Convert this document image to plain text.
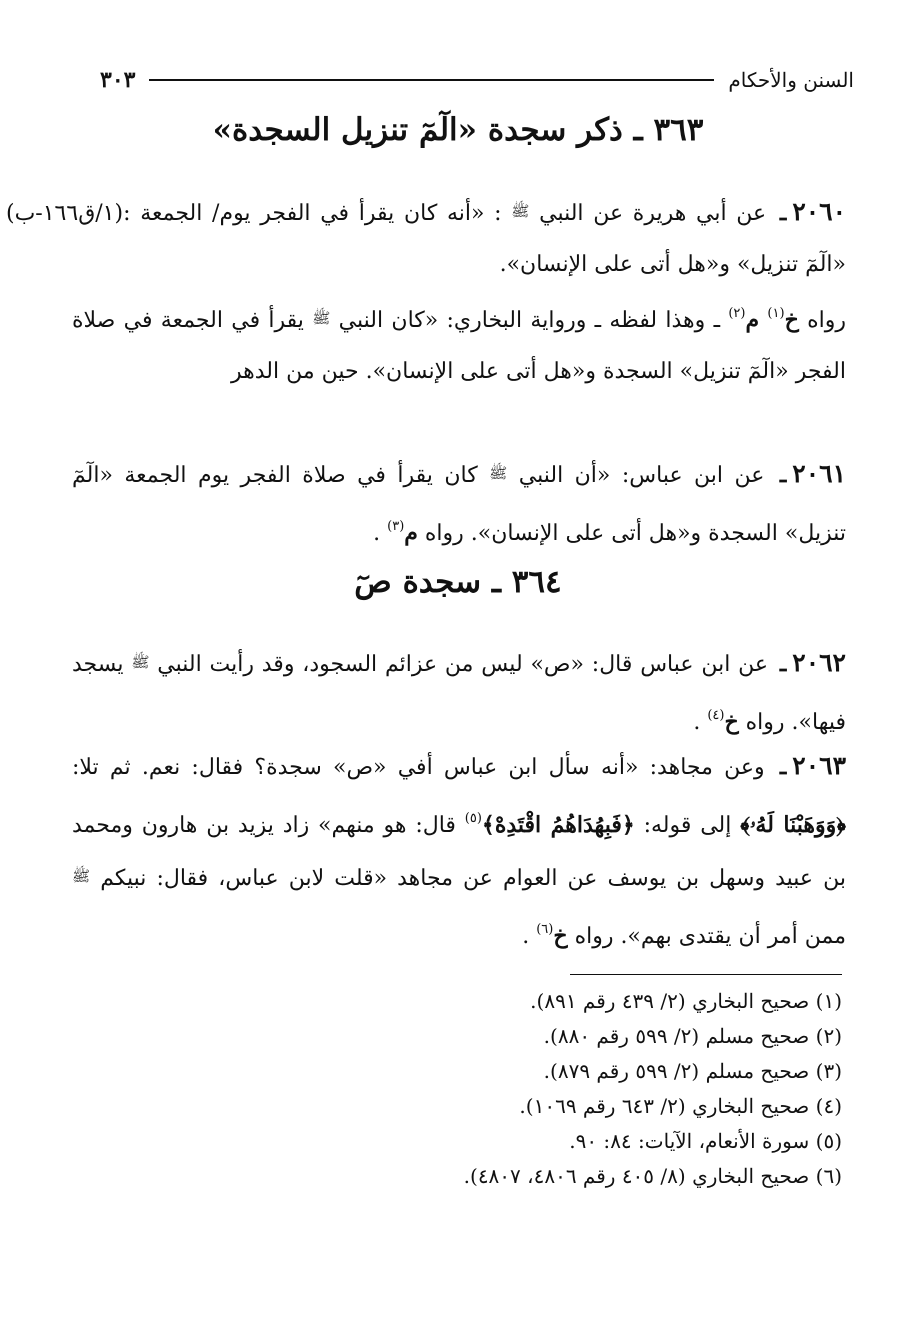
السنن والأحكام
٣٠٣
٣٦٣ ـ ذكر سجدة «الٓمٓ تنزيل السجدة»
٢٠٦٠ـ عن أبي هريرة عن النبي ﷺ : «أنه كان يقرأ في الفجر يوم/ الجمعة :(١/ق١٦٦-ب) «الٓمٓ تنزيل» و«هل أتى على الإنسان».
رواه خ$^{(١)}$ م$^{(٢)}$ ـ وهذا لفظه ـ ورواية البخاري: «كان النبي ﷺ يقرأ في الجمعة في صلاة الفجر «الٓمٓ تنزيل» السجدة و«هل أتى على الإنسان». حين من الدهر
٢٠٦١ـ عن ابن عباس: «أن النبي ﷺ كان يقرأ في صلاة الفجر يوم الجمعة «الٓمٓ تنزيل» السجدة و«هل أتى على الإنسان». رواه م$^{(٣)}$ .
٣٦٤ ـ سجدة صٓ
٢٠٦٢ـ عن ابن عباس قال: «ص» ليس من عزائم السجود، وقد رأيت النبي ﷺ يسجد فيها». رواه خ$^{(٤)}$ .
٢٠٦٣ـ وعن مجاهد: «أنه سأل ابن عباس أفي «ص» سجدة؟ فقال: نعم. ثم تلا: ﴿وَوَهَبْنَا لَهُۥ﴾ إلى قوله: ﴿فَبِهُدَاهُمُ اقْتَدِهْ﴾$^{(٥)}$ قال: هو منهم» زاد يزيد بن هارون ومحمد بن عبيد وسهل بن يوسف عن العوام عن مجاهد «قلت لابن عباس، فقال: نبيكم ﷺ ممن أمر أن يقتدى بهم». رواه خ$^{(٦)}$ .
(١) صحيح البخاري (٢/ ٤٣٩ رقم ٨٩١).
(٢) صحيح مسلم (٢/ ٥٩٩ رقم ٨٨٠).
(٣) صحيح مسلم (٢/ ٥٩٩ رقم ٨٧٩).
(٤) صحيح البخاري (٢/ ٦٤٣ رقم ١٠٦٩).
(٥) سورة الأنعام، الآيات: ٨٤: ٩٠.
(٦) صحيح البخاري (٨/ ٤٠٥ رقم ٤٨٠٦، ٤٨٠٧).
